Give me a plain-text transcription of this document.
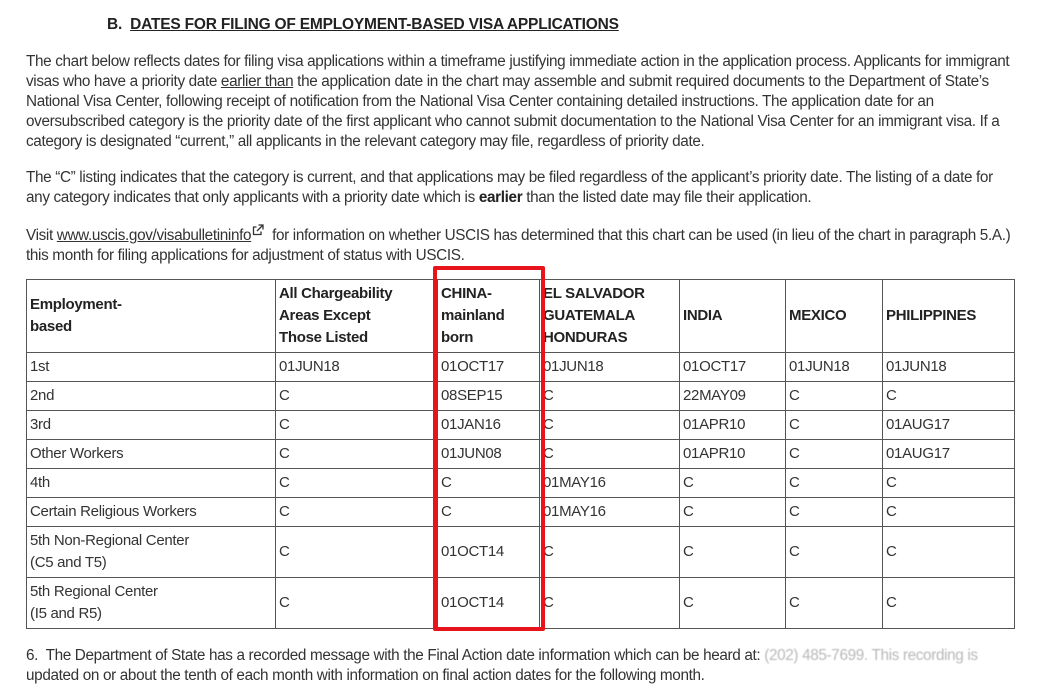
B. DATES FOR FILING OF EMPLOYMENT-BASED VISA APPLICATIONS
The chart below reflects dates for filing visa applications within a timeframe justifying immediate action in the application process. Applicants for immigrant visas who have a priority date earlier than the application date in the chart may assemble and submit required documents to the Department of State’s National Visa Center, following receipt of notification from the National Visa Center containing detailed instructions. The application date for an oversubscribed category is the priority date of the first applicant who cannot submit documentation to the National Visa Center for an immigrant visa. If a category is designated “current,” all applicants in the relevant category may file, regardless of priority date.
The “C” listing indicates that the category is current, and that applications may be filed regardless of the applicant’s priority date. The listing of a date for any category indicates that only applicants with a priority date which is earlier than the listed date may file their application.
Visit www.uscis.gov/visabulletininfo for information on whether USCIS has determined that this chart can be used (in lieu of the chart in paragraph 5.A.) this month for filing applications for adjustment of status with USCIS.
Employment-
based	All Chargeability
Areas Except
Those Listed	CHINA-
mainland
born	EL SALVADOR
GUATEMALA
HONDURAS	INDIA	MEXICO	PHILIPPINES
1st	01JUN18	01OCT17	01JUN18	01OCT17	01JUN18	01JUN18
2nd	C	08SEP15	C	22MAY09	C	C
3rd	C	01JAN16	C	01APR10	C	01AUG17
Other Workers	C	01JUN08	C	01APR10	C	01AUG17
4th	C	C	01MAY16	C	C	C
Certain Religious Workers	C	C	01MAY16	C	C	C
5th Non-Regional Center
(C5 and T5)	C	01OCT14	C	C	C	C
5th Regional Center
(I5 and R5)	C	01OCT14	C	C	C	C
6. The Department of State has a recorded message with the Final Action date information which can be heard at: (202) 485-7699. This recording is
updated on or about the tenth of each month with information on final action dates for the following month.
